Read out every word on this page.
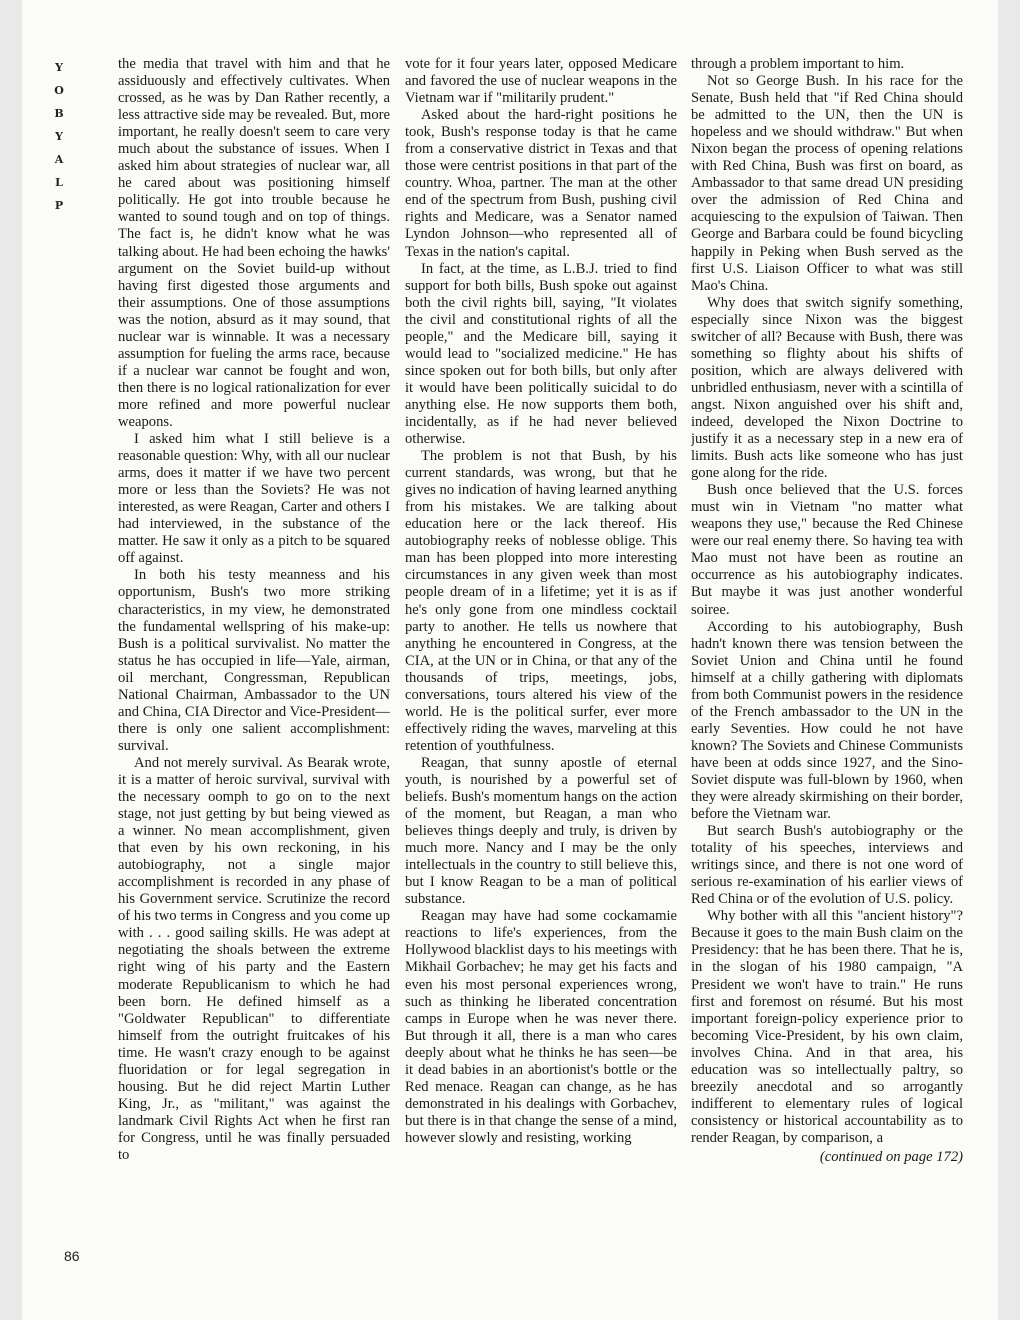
Y
O
B
Y
A
L
P

the media that travel with him and that he assiduously and effectively cultivates. When crossed, as he was by Dan Rather recently, a less attractive side may be revealed. But, more important, he really doesn't seem to care very much about the substance of issues. When I asked him about strategies of nuclear war, all he cared about was positioning himself politically. He got into trouble because he wanted to sound tough and on top of things. The fact is, he didn't know what he was talking about. He had been echoing the hawks' argument on the Soviet build-up without having first digested those arguments and their assumptions. One of those assumptions was the notion, absurd as it may sound, that nuclear war is winnable. It was a necessary assumption for fueling the arms race, because if a nuclear war cannot be fought and won, then there is no logical rationalization for ever more refined and more powerful nuclear weapons.

I asked him what I still believe is a reasonable question: Why, with all our nuclear arms, does it matter if we have two percent more or less than the Soviets? He was not interested, as were Reagan, Carter and others I had interviewed, in the substance of the matter. He saw it only as a pitch to be squared off against.

In both his testy meanness and his opportunism, Bush's two more striking characteristics, in my view, he demonstrated the fundamental wellspring of his make-up: Bush is a political survivalist. No matter the status he has occupied in life—Yale, airman, oil merchant, Congressman, Republican National Chairman, Ambassador to the UN and China, CIA Director and Vice-President—there is only one salient accomplishment: survival.

And not merely survival. As Bearak wrote, it is a matter of heroic survival, survival with the necessary oomph to go on to the next stage, not just getting by but being viewed as a winner. No mean accomplishment, given that even by his own reckoning, in his autobiography, not a single major accomplishment is recorded in any phase of his Government service. Scrutinize the record of his two terms in Congress and you come up with . . . good sailing skills. He was adept at negotiating the shoals between the extreme right wing of his party and the Eastern moderate Republicanism to which he had been born. He defined himself as a "Goldwater Republican" to differentiate himself from the outright fruitcakes of his time. He wasn't crazy enough to be against fluoridation or for legal segregation in housing. But he did reject Martin Luther King, Jr., as "militant," was against the landmark Civil Rights Act when he first ran for Congress, until he was finally persuaded to

vote for it four years later, opposed Medicare and favored the use of nuclear weapons in the Vietnam war if "militarily prudent."

Asked about the hard-right positions he took, Bush's response today is that he came from a conservative district in Texas and that those were centrist positions in that part of the country. Whoa, partner. The man at the other end of the spectrum from Bush, pushing civil rights and Medicare, was a Senator named Lyndon Johnson—who represented all of Texas in the nation's capital.

In fact, at the time, as L.B.J. tried to find support for both bills, Bush spoke out against both the civil rights bill, saying, "It violates the civil and constitutional rights of all the people," and the Medicare bill, saying it would lead to "socialized medicine." He has since spoken out for both bills, but only after it would have been politically suicidal to do anything else. He now supports them both, incidentally, as if he had never believed otherwise.

The problem is not that Bush, by his current standards, was wrong, but that he gives no indication of having learned anything from his mistakes. We are talking about education here or the lack thereof. His autobiography reeks of noblesse oblige. This man has been plopped into more interesting circumstances in any given week than most people dream of in a lifetime; yet it is as if he's only gone from one mindless cocktail party to another. He tells us nowhere that anything he encountered in Congress, at the CIA, at the UN or in China, or that any of the thousands of trips, meetings, jobs, conversations, tours altered his view of the world. He is the political surfer, ever more effectively riding the waves, marveling at this retention of youthfulness.

Reagan, that sunny apostle of eternal youth, is nourished by a powerful set of beliefs. Bush's momentum hangs on the action of the moment, but Reagan, a man who believes things deeply and truly, is driven by much more. Nancy and I may be the only intellectuals in the country to still believe this, but I know Reagan to be a man of political substance.

Reagan may have had some cockamamie reactions to life's experiences, from the Hollywood blacklist days to his meetings with Mikhail Gorbachev; he may get his facts and even his most personal experiences wrong, such as thinking he liberated concentration camps in Europe when he was never there. But through it all, there is a man who cares deeply about what he thinks he has seen—be it dead babies in an abortionist's bottle or the Red menace. Reagan can change, as he has demonstrated in his dealings with Gorbachev, but there is in that change the sense of a mind, however slowly and resisting, working

through a problem important to him.

Not so George Bush. In his race for the Senate, Bush held that "if Red China should be admitted to the UN, then the UN is hopeless and we should withdraw." But when Nixon began the process of opening relations with Red China, Bush was first on board, as Ambassador to that same dread UN presiding over the admission of Red China and acquiescing to the expulsion of Taiwan. Then George and Barbara could be found bicycling happily in Peking when Bush served as the first U.S. Liaison Officer to what was still Mao's China.

Why does that switch signify something, especially since Nixon was the biggest switcher of all? Because with Bush, there was something so flighty about his shifts of position, which are always delivered with unbridled enthusiasm, never with a scintilla of angst. Nixon anguished over his shift and, indeed, developed the Nixon Doctrine to justify it as a necessary step in a new era of limits. Bush acts like someone who has just gone along for the ride.

Bush once believed that the U.S. forces must win in Vietnam "no matter what weapons they use," because the Red Chinese were our real enemy there. So having tea with Mao must not have been as routine an occurrence as his autobiography indicates. But maybe it was just another wonderful soiree.

According to his autobiography, Bush hadn't known there was tension between the Soviet Union and China until he found himself at a chilly gathering with diplomats from both Communist powers in the residence of the French ambassador to the UN in the early Seventies. How could he not have known? The Soviets and Chinese Communists have been at odds since 1927, and the Sino-Soviet dispute was full-blown by 1960, when they were already skirmishing on their border, before the Vietnam war.

But search Bush's autobiography or the totality of his speeches, interviews and writings since, and there is not one word of serious re-examination of his earlier views of Red China or of the evolution of U.S. policy.

Why bother with all this "ancient history"? Because it goes to the main Bush claim on the Presidency: that he has been there. That he is, in the slogan of his 1980 campaign, "A President we won't have to train." He runs first and foremost on résumé. But his most important foreign-policy experience prior to becoming Vice-President, by his own claim, involves China. And in that area, his education was so intellectually paltry, so breezily anecdotal and so arrogantly indifferent to elementary rules of logical consistency or historical accountability as to render Reagan, by comparison, a

(continued on page 172)
86
